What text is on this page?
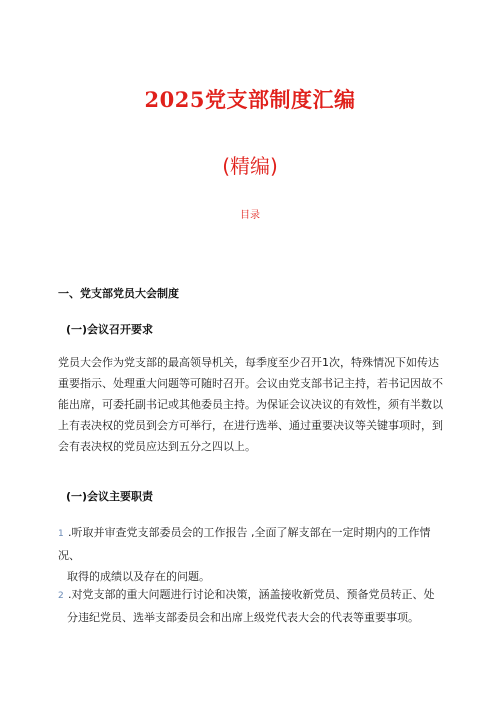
2025党支部制度汇编
(精编)
目录
一、党支部党员大会制度
(一)会议召开要求
党员大会作为党支部的最高领导机关，每季度至少召开1次，特殊情况下如传达重要指示、处理重大问题等可随时召开。会议由党支部书记主持，若书记因故不能出席，可委托副书记或其他委员主持。为保证会议决议的有效性，须有半数以上有表决权的党员到会方可举行，在进行选举、通过重要决议等关键事项时，到会有表决权的党员应达到五分之四以上。
(一)会议主要职责
1 .听取并审查党支部委员会的工作报告 ,全面了解支部在一定时期内的工作情况、
取得的成绩以及存在的问题。
2 .对党支部的重大问题进行讨论和决策，涵盖接收新党员、预备党员转正、处
分违纪党员、选举支部委员会和出席上级党代表大会的代表等重要事项。
